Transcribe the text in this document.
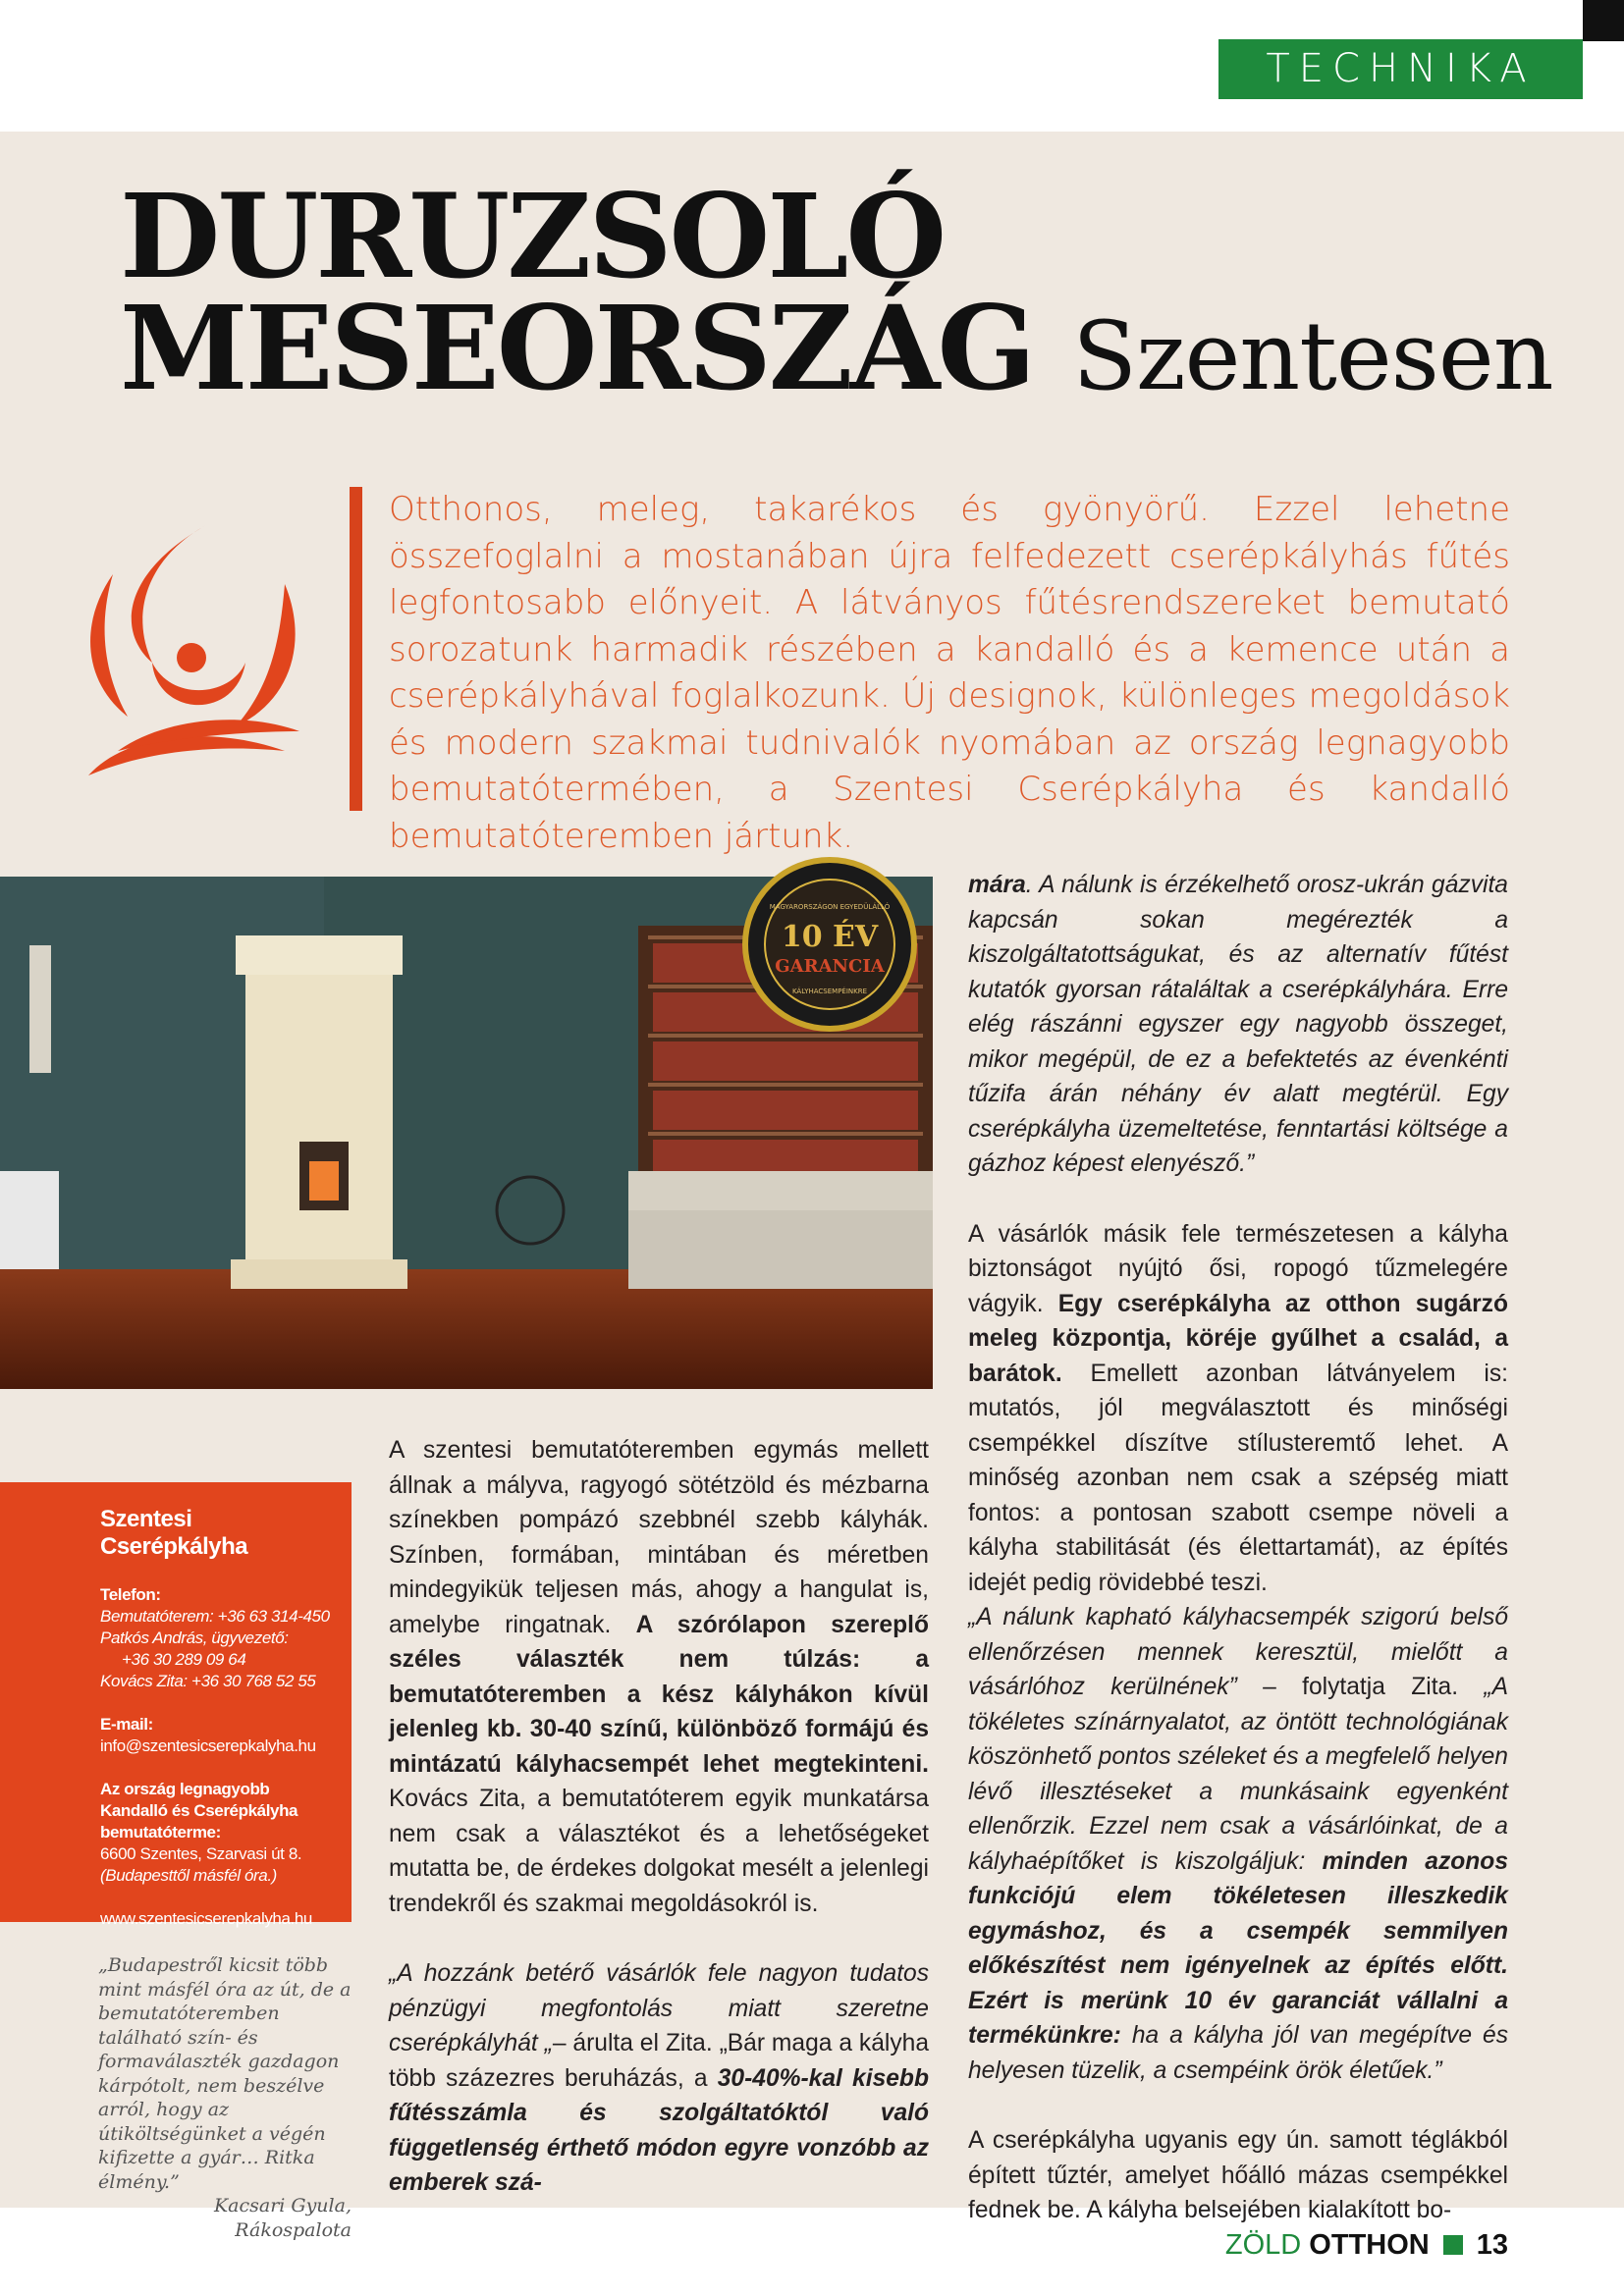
TECHNIKA
DURUZSOLÓ
MESEORSZÁG Szentesen

Otthonos, meleg, takarékos és gyönyörű. Ezzel lehetne összefoglalni a mostanában újra felfedezett cserépkályhás fűtés legfontosabb előnyeit. A látványos fűtésrendszereket bemutató sorozatunk harmadik részében a kandalló és a kemence után a cserépkályhával foglalkozunk. Új designok, különleges megoldások és modern szakmai tudnivalók nyomában az ország legnagyobb bemutatótermében, a Szentesi Cserépkályha és kandalló bemutatóteremben jártunk.

10 ÉV
GARANCIA
MAGYARORSZÁGON EGYEDÜLÁLLÓ
KÁLYHACSEMPÉINKRE
Szentesi Cserépkályha
Telefon:
Bemutatóterem: +36 63 314-450
Patkós András, ügyvezető:
+36 30 289 09 64
Kovács Zita: +36 30 768 52 55
E-mail:
info@szentesicserepkalyha.hu
Az ország legnagyobb
Kandalló és Cserépkályha
bemutatóterme:
6600 Szentes, Szarvasi út 8.
(Budapesttől másfél óra.)
www.szentesicserepkalyha.hu
„Budapestről kicsit több mint másfél óra az út, de a bemutatóteremben található szín- és formaválaszték gazdagon kárpótolt, nem beszélve arról, hogy az útiköltségünket a végén kifizette a gyár… Ritka élmény.”
Kacsari Gyula,
Rákospalota

A szentesi bemutatóteremben egymás mellett állnak a mályva, ragyogó sötétzöld és mézbarna színekben pompázó szebbnél szebb kályhák. Színben, formában, mintában és méretben mindegyikük teljesen más, ahogy a hangulat is, amelybe ringatnak. A szórólapon szereplő széles választék nem túlzás: a bemutatóteremben a kész kályhákon kívül jelenleg kb. 30-40 színű, különböző formájú és mintázatú kályhacsempét lehet megtekinteni. Kovács Zita, a bemutatóterem egyik munkatársa nem csak a választékot és a lehetőségeket mutatta be, de érdekes dolgokat mesélt a jelenlegi trendekről és szakmai megoldásokról is.

„A hozzánk betérő vásárlók fele nagyon tudatos pénzügyi megfontolás miatt szeretne cserépkályhát „– árulta el Zita. „Bár maga a kályha több százezres beruházás, a 30-40%-kal kisebb fűtésszámla és szolgáltatóktól való függetlenség érthető módon egyre vonzóbb az emberek szá-

mára. A nálunk is érzékelhető orosz-ukrán gázvita kapcsán sokan megérezték a kiszolgáltatottságukat, és az alternatív fűtést kutatók gyorsan rátaláltak a cserépkályhára. Erre elég rászánni egyszer egy nagyobb összeget, mikor megépül, de ez a befektetés az évenkénti tűzifa árán néhány év alatt megtérül. Egy cserépkályha üzemeltetése, fenntartási költsége a gázhoz képest elenyésző.”

A vásárlók másik fele természetesen a kályha biztonságot nyújtó ősi, ropogó tűzmelegére vágyik. Egy cserépkályha az otthon sugárzó meleg központja, köréje gyűlhet a család, a barátok. Emellett azonban látványelem is: mutatós, jól megválasztott és minőségi csempékkel díszítve stílusteremtő lehet. A minőség azonban nem csak a szépség miatt fontos: a pontosan szabott csempe növeli a kályha stabilitását (és élettartamát), az építés idejét pedig rövidebbé teszi.

„A nálunk kapható kályhacsempék szigorú belső ellenőrzésen mennek keresztül, mielőtt a vásárlóhoz kerülnének” – folytatja Zita. „A tökéletes színárnyalatot, az öntött technológiának köszönhető pontos széleket és a megfelelő helyen lévő illesztéseket a munkásaink egyenként ellenőrzik. Ezzel nem csak a vásárlóinkat, de a kályhaépítőket is kiszolgáljuk: minden azonos funkciójú elem tökéletesen illeszkedik egymáshoz, és a csempék semmilyen előkészítést nem igényelnek az építés előtt. Ezért is merünk 10 év garanciát vállalni a termékünkre: ha a kályha jól van megépítve és helyesen tüzelik, a csempéink örök életűek.”

A cserépkályha ugyanis egy ún. samott téglákból épített tűztér, amelyet hőálló mázas csempékkel fednek be. A kályha belsejében kialakított bo-

ZÖLD OTTHON 13
